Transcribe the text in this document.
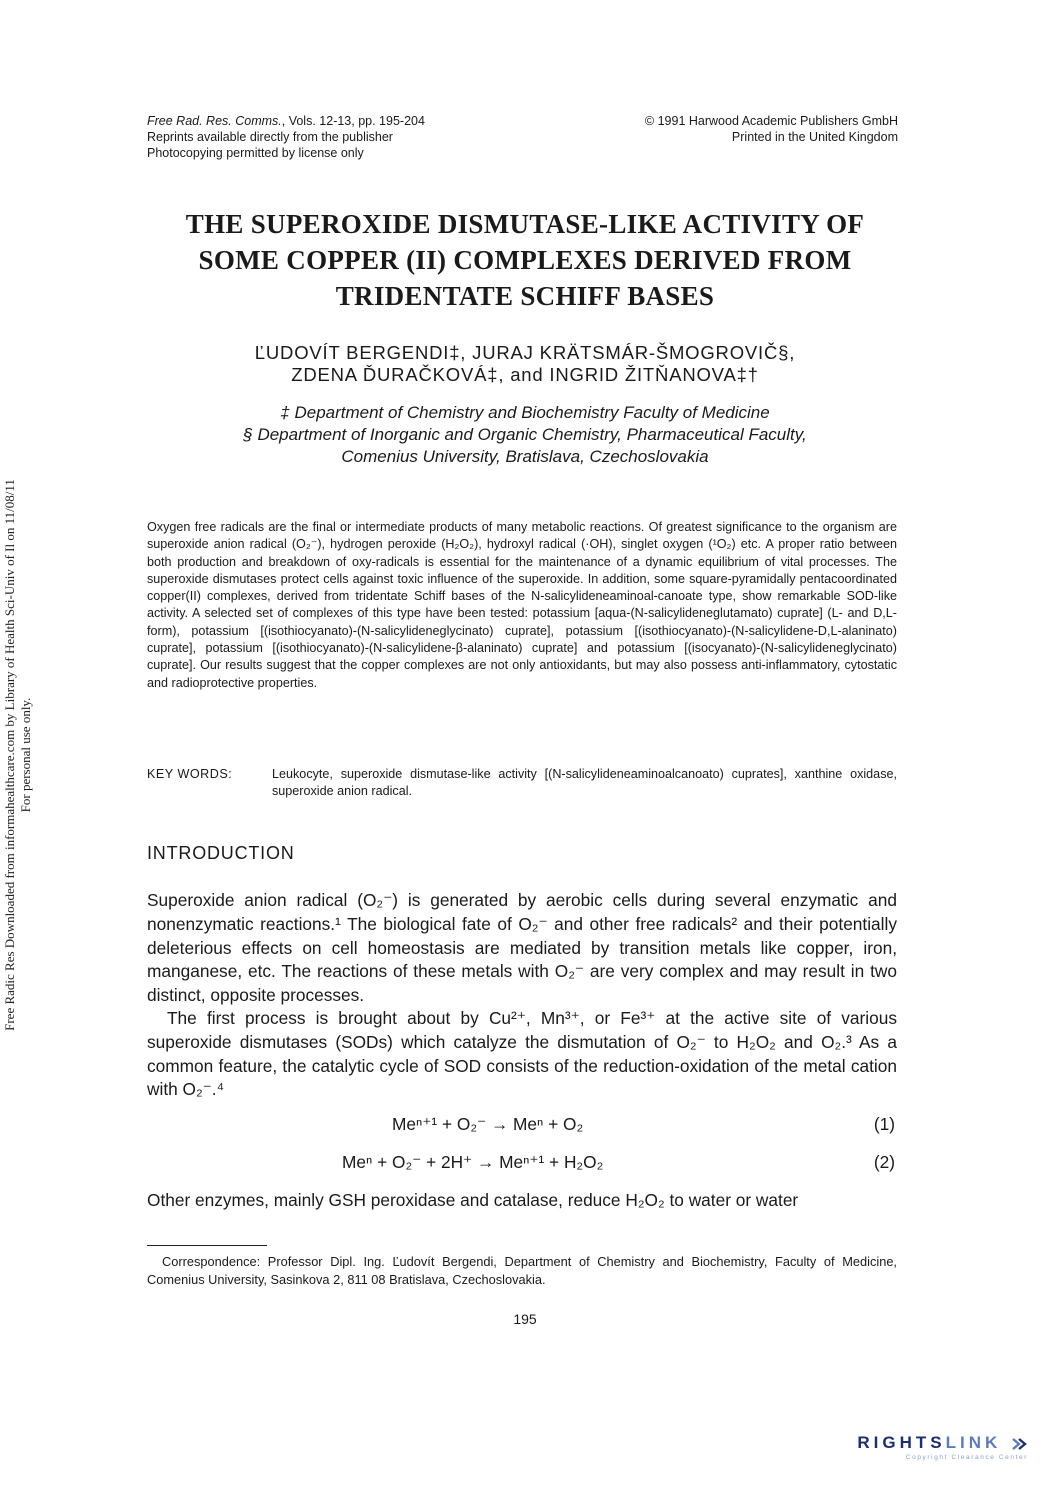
Free Rad. Res. Comms., Vols. 12-13, pp. 195-204
Reprints available directly from the publisher
Photocopying permitted by license only
© 1991 Harwood Academic Publishers GmbH
Printed in the United Kingdom
Free Radic Res Downloaded from informahealthcare.com by Library of Health Sci-Univ of Il on 11/08/11 For personal use only.
THE SUPEROXIDE DISMUTASE-LIKE ACTIVITY OF
SOME COPPER (II) COMPLEXES DERIVED FROM
TRIDENTATE SCHIFF BASES
ĽUDOVÍT BERGENDI‡, JURAJ KRÄTSMÁR-ŠMOGROVIČ§,
ZDENA ĎURAČKOVÁ‡, and INGRID ŽITŇANOVA‡†
‡ Department of Chemistry and Biochemistry Faculty of Medicine
§ Department of Inorganic and Organic Chemistry, Pharmaceutical Faculty,
Comenius University, Bratislava, Czechoslovakia
Oxygen free radicals are the final or intermediate products of many metabolic reactions. Of greatest significance to the organism are superoxide anion radical (O₂⁻), hydrogen peroxide (H₂O₂), hydroxyl radical (·OH), singlet oxygen (¹O₂) etc. A proper ratio between both production and breakdown of oxy-radicals is essential for the maintenance of a dynamic equilibrium of vital processes. The superoxide dismutases protect cells against toxic influence of the superoxide. In addition, some square-pyramidally pentacoordinated copper(II) complexes, derived from tridentate Schiff bases of the N-salicylideneaminoal-canoate type, show remarkable SOD-like activity. A selected set of complexes of this type have been tested: potassium [aqua-(N-salicylideneglutamato) cuprate] (L- and D,L-form), potassium [(isothiocyanato)-(N-salicylideneglycinato) cuprate], potassium [(isothiocyanato)-(N-salicylidene-D,L-alaninato) cuprate], potassium [(isothiocyanato)-(N-salicylidene-β-alaninato) cuprate] and potassium [(isocyanato)-(N-salicylideneglycinato) cuprate]. Our results suggest that the copper complexes are not only antioxidants, but may also possess anti-inflammatory, cytostatic and radioprotective properties.
KEY WORDS:	Leukocyte, superoxide dismutase-like activity [(N-salicylideneaminoalcanoato) cuprates], xanthine oxidase, superoxide anion radical.
INTRODUCTION
Superoxide anion radical (O₂⁻) is generated by aerobic cells during several enzymatic and nonenzymatic reactions.¹ The biological fate of O₂⁻ and other free radicals² and their potentially deleterious effects on cell homeostasis are mediated by transition metals like copper, iron, manganese, etc. The reactions of these metals with O₂⁻ are very complex and may result in two distinct, opposite processes.
The first process is brought about by Cu²⁺, Mn³⁺, or Fe³⁺ at the active site of various superoxide dismutases (SODs) which catalyze the dismutation of O₂⁻ to H₂O₂ and O₂.³ As a common feature, the catalytic cycle of SOD consists of the reduction-oxidation of the metal cation with O₂⁻.⁴
Meⁿ⁺¹ + O₂⁻ → Meⁿ + O₂	(1)
Meⁿ + O₂⁻ + 2H⁺ → Meⁿ⁺¹ + H₂O₂	(2)
Other enzymes, mainly GSH peroxidase and catalase, reduce H₂O₂ to water or water
Correspondence: Professor Dipl. Ing. Ľudovít Bergendi, Department of Chemistry and Biochemistry, Faculty of Medicine, Comenius University, Sasinkova 2, 811 08 Bratislava, Czechoslovakia.
195
RIGHTSLINK
Copyright Clearance Center
